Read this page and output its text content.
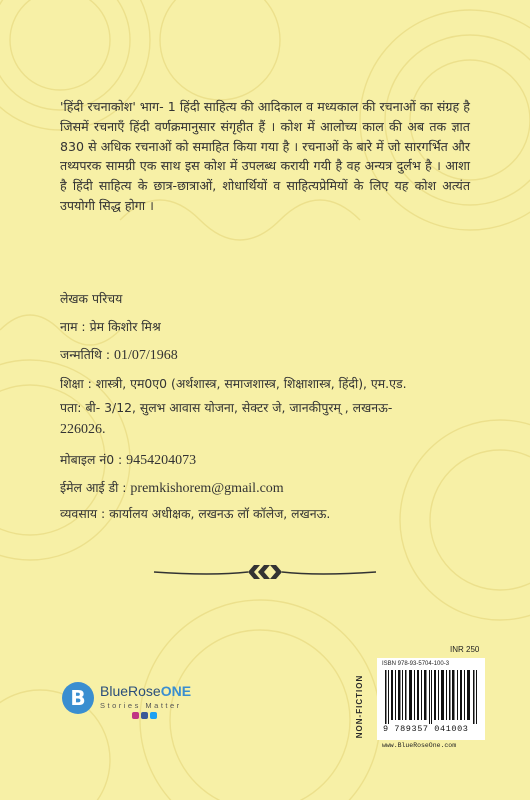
'हिंदी रचनाकोश' भाग- 1 हिंदी साहित्य की आदिकाल व मध्यकाल की रचनाओं का संग्रह है जिसमें रचनाएँ हिंदी वर्णक्रमानुसार संगृहीत हैं । कोश में आलोच्य काल की अब तक ज्ञात 830 से अधिक रचनाओं को समाहित किया गया है । रचनाओं के बारे में जो सारगर्भित और तथ्यपरक सामग्री एक साथ इस कोश में उपलब्ध करायी गयी है वह अन्यत्र दुर्लभ है । आशा है हिंदी साहित्य के छात्र-छात्राओं, शोधार्थियों व साहित्यप्रेमियों के लिए यह कोश अत्यंत उपयोगी सिद्ध होगा ।
लेखक परिचय
नाम : प्रेम किशोर मिश्र
जन्मतिथि : 01/07/1968
शिक्षा : शास्त्री, एम0ए0 (अर्थशास्त्र, समाजशास्त्र, शिक्षाशास्त्र, हिंदी), एम.एड.
पता: बी- 3/12, सुलभ आवास योजना, सेक्टर जे, जानकीपुरम् , लखनऊ-
226026.
मोबाइल नं0 : 9454204073
ईमेल आई डी : premkishorem@gmail.com
व्यवसाय : कार्यालय अधीक्षक, लखनऊ लॉ कॉलेज, लखनऊ.
B	BlueRoseONE
Stories Matter
INR 250
NON-FICTION
ISBN 978-93-5704-100-3
9 789357 041003
www.BlueRoseOne.com
